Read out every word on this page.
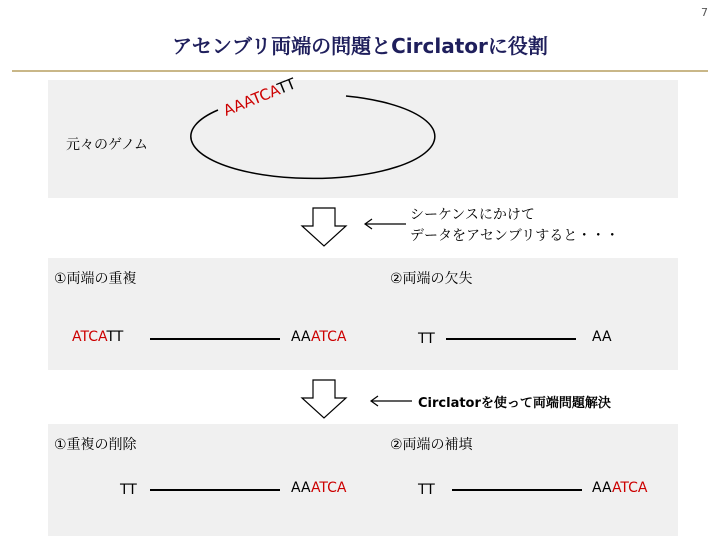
7
アセンブリ両端の問題とCirclatorに役割
元々のゲノム
AAATCATT
シーケンスにかけて
データをアセンブリすると・・・
①両端の重複	②両端の欠失
ATCATT	AAATCA	TT	AA
Circlatorを使って両端問題解決
①重複の削除	②両端の補填
TT	AAATCA	TT	AAATCA
